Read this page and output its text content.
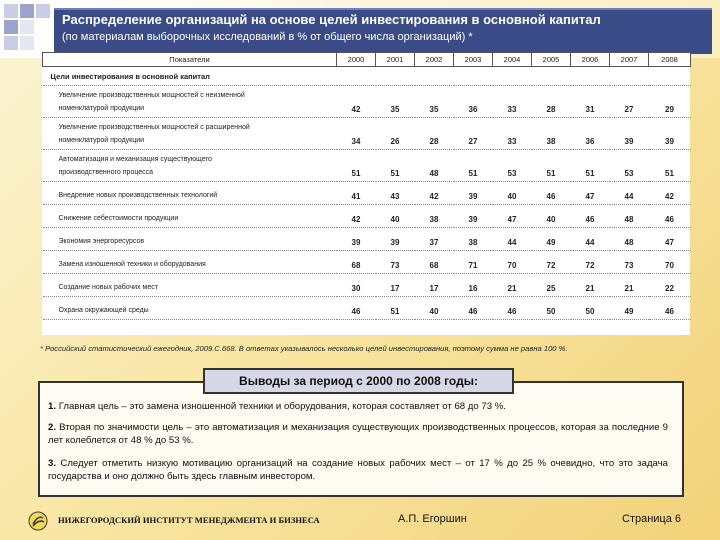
Распределение организаций на основе целей инвестирования в основной капитал
(по материалам выборочных исследований в % от общего числа организаций) *
Показатели	2000	2001	2002	2003	2004	2005	2006	2007	2008
Цели инвестирования в основной капитал									

Увеличение производственных мощностей с неизменной
номенклатурой продукции	42	35	35	36	33	28	31	27	29

Увеличение производственных мощностей с расширенной
номенклатурой продукции	34	26	28	27	33	38	36	39	39

Автоматизация и механизация существующего
производственного процесса	51	51	48	51	53	51	51	53	51

Внедрение новых производственных технологий	41	43	42	39	40	46	47	44	42

Снижение себестоимости продукции	42	40	38	39	47	40	46	48	46

Экономия энергоресурсов	39	39	37	38	44	49	44	48	47

Замена изношенной техники и оборудования	68	73	68	71	70	72	72	73	70

Создание новых рабочих мест	30	17	17	16	21	25	21	21	22

Охрана окружающей среды	46	51	40	46	46	50	50	49	46
* Российский статистический ежегодник, 2009.С.668. В ответах указывалось несколько целей инвестирования, поэтому сумма не равна 100 %.
Выводы за период с 2000 по 2008 годы:
1. Главная цель – это замена изношенной техники и оборудования, которая составляет от 68 до 73 %.
2. Вторая по значимости цель – это автоматизация и механизация существующих производственных процессов, которая за последние 9 лет колеблется от 48 % до 53 %.
3. Следует отметить низкую мотивацию организаций на создание новых рабочих мест – от 17 % до 25 % очевидно, что это задача государства и оно должно быть здесь главным инвестором.
НИЖЕГОРОДСКИЙ ИНСТИТУТ МЕНЕДЖМЕНТА И БИЗНЕСА	А.П. Егоршин	Страница 6
